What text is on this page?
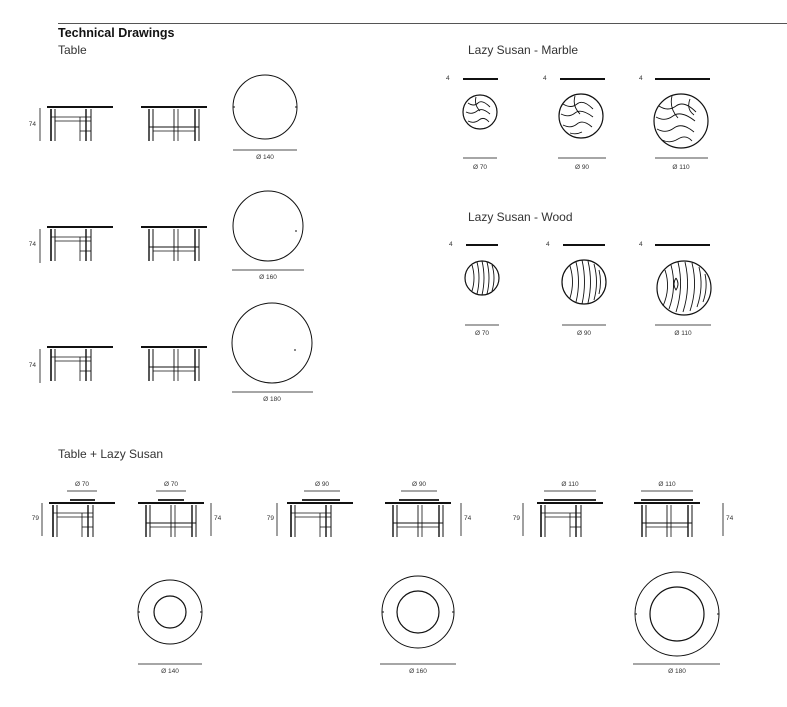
Technical Drawings
Table	Lazy Susan - Marble
Lazy Susan - Wood
Table + Lazy Susan
74
Ø 140
74
Ø 160
74
Ø 180
4	4	4
Ø 70	Ø 90	Ø 110
4	4	4
Ø 70	Ø 90	Ø 110
Ø 70	Ø 70
79	74
Ø 90	Ø 90
79	74
Ø 110	Ø 110
79	74
Ø 140	Ø 160	Ø 180
